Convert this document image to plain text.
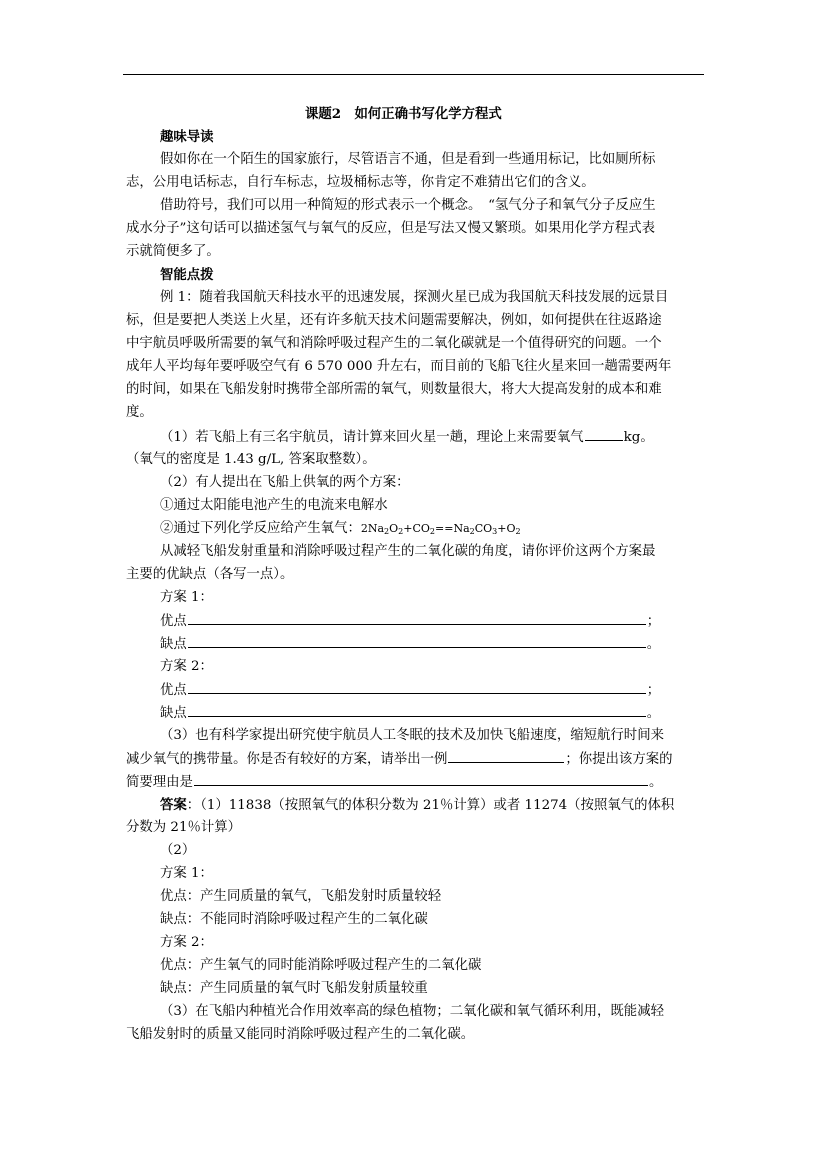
课题2　如何正确书写化学方程式
趣味导读
假如你在一个陌生的国家旅行，尽管语言不通，但是看到一些通用标记，比如厕所标
志，公用电话标志，自行车标志，垃圾桶标志等，你肯定不难猜出它们的含义。
借助符号，我们可以用一种简短的形式表示一个概念。　“氢气分子和氧气分子反应生
成水分子”这句话可以描述氢气与氧气的反应，但是写法又慢又繁琐。如果用化学方程式表
示就简便多了。
智能点拨
例 1：随着我国航天科技水平的迅速发展，探测火星已成为我国航天科技发展的远景目
标，但是要把人类送上火星，还有许多航天技术问题需要解决，例如，如何提供在往返路途
中宇航员呼吸所需要的氧气和消除呼吸过程产生的二氧化碳就是一个值得研究的问题。一个
成年人平均每年要呼吸空气有 6 570 000 升左右，而目前的飞船飞往火星来回一趟需要两年
的时间，如果在飞船发射时携带全部所需的氧气，则数量很大，将大大提高发射的成本和难
度。
（1）若飞船上有三名宇航员，请计算来回火星一趟，理论上来需要氧气	kg。
（氧气的密度是 1.43 g/L, 答案取整数）。
（2）有人提出在飞船上供氧的两个方案：
①通过太阳能电池产生的电流来电解水
②通过下列化学反应给产生氧气：$2Na_2O_2+CO_2==Na_2CO_3+O_2$
从减轻飞船发射重量和消除呼吸过程产生的二氧化碳的角度，请你评价这两个方案最
主要的优缺点（各写一点）。
方案 1：
优点	；
缺点	。
方案 2：
优点	；
缺点	。
（3）也有科学家提出研究使宇航员人工冬眠的技术及加快飞船速度，缩短航行时间来
减少氧气的携带量。你是否有较好的方案，请举出一例	；你提出该方案的
简要理由是	。
答案：（1）11838（按照氧气的体积分数为 21％计算）或者 11274（按照氧气的体积
分数为 21％计算）
（2）
方案 1：
优点：产生同质量的氧气，飞船发射时质量较轻
缺点：不能同时消除呼吸过程产生的二氧化碳
方案 2：
优点：产生氧气的同时能消除呼吸过程产生的二氧化碳
缺点：产生同质量的氧气时飞船发射质量较重
（3）在飞船内种植光合作用效率高的绿色植物；二氧化碳和氧气循环利用，既能减轻
飞船发射时的质量又能同时消除呼吸过程产生的二氧化碳。
